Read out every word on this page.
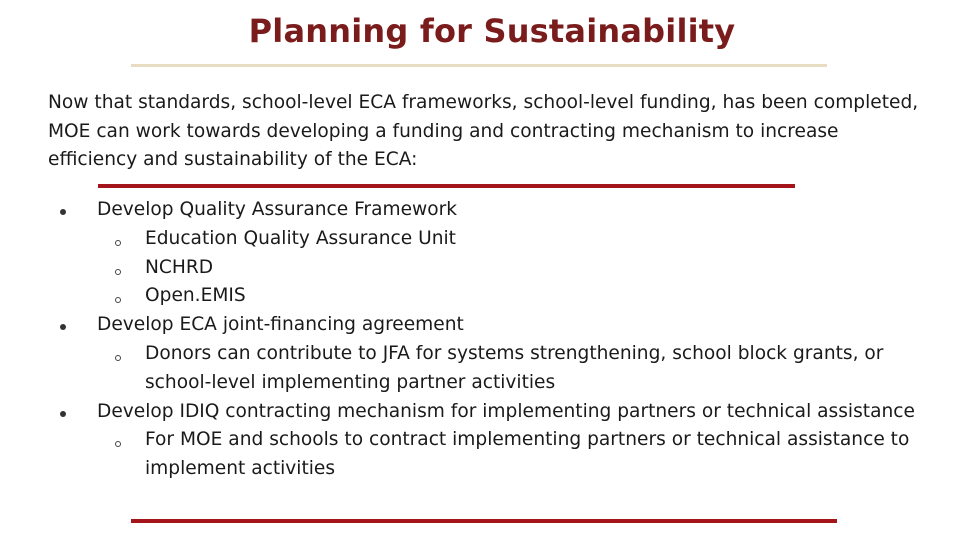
Planning for Sustainability

Now that standards, school-level ECA frameworks, school-level funding, has been completed, MOE can work towards developing a funding and contracting mechanism to increase efficiency and sustainability of the ECA:

Develop Quality Assurance Framework
Education Quality Assurance Unit
NCHRD
Open.EMIS
Develop ECA joint-financing agreement
Donors can contribute to JFA for systems strengthening, school block grants, or school-level implementing partner activities
Develop IDIQ contracting mechanism for implementing partners or technical assistance
For MOE and schools to contract implementing partners or technical assistance to implement activities
